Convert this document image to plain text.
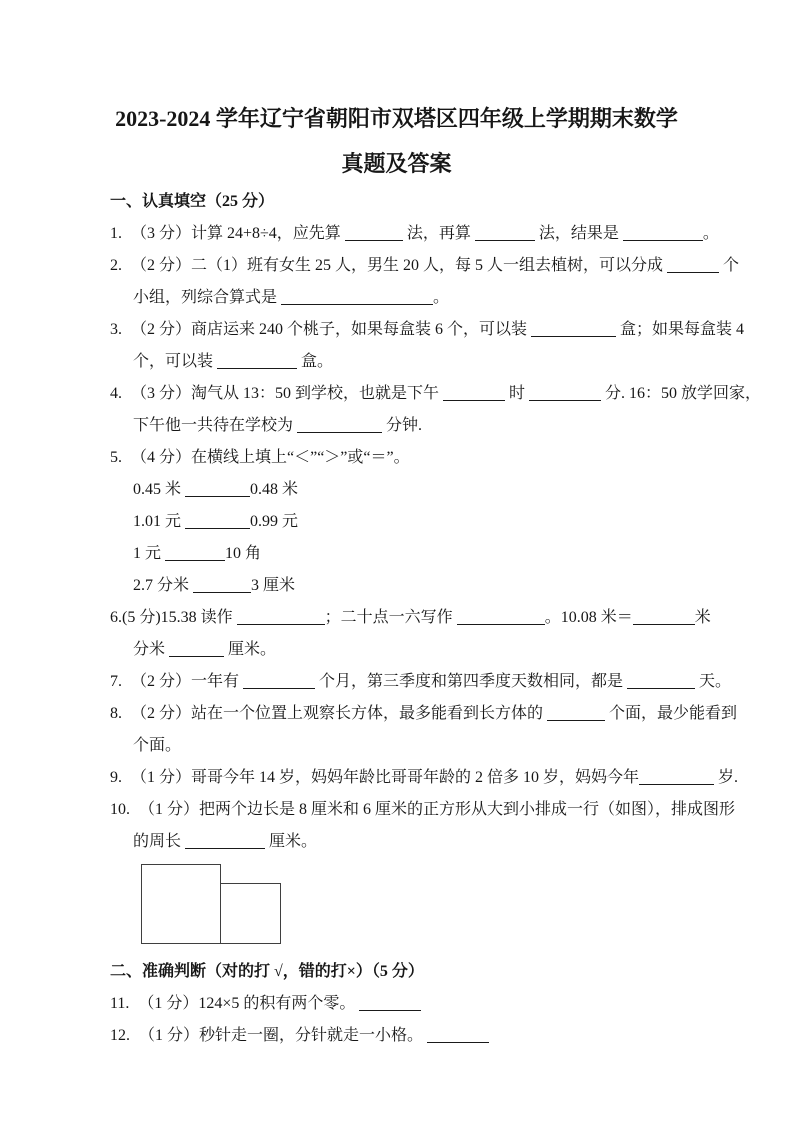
2023-2024 学年辽宁省朝阳市双塔区四年级上学期期末数学
真题及答案
一、认真填空（25 分）
1. （3 分）计算 24+8÷4，应先算	法，再算	法，结果是	。
2. （2 分）二（1）班有女生 25 人，男生 20 人，每 5 人一组去植树，可以分成	个
小组，列综合算式是	。
3. （2 分）商店运来 240 个桃子，如果每盒装 6 个，可以装	盒；如果每盒装 4
个，可以装	盒。
4. （3 分）淘气从 13：50 到学校，也就是下午	时	分. 16：50 放学回家，
下午他一共待在学校为	分钟.
5. （4 分）在横线上填上“＜”“＞”或“＝”。
0.45 米	0.48 米
1.01 元	0.99 元
1 元	10 角
2.7 分米	3 厘米
6.(5 分)15.38 读作	；二十点一六写作	。10.08 米＝	米
分米	厘米。
7. （2 分）一年有	个月，第三季度和第四季度天数相同，都是	天。
8. （2 分）站在一个位置上观察长方体，最多能看到长方体的	个面，最少能看到
个面。
9. （1 分）哥哥今年 14 岁，妈妈年龄比哥哥年龄的 2 倍多 10 岁，妈妈今年	岁.
10. （1 分）把两个边长是 8 厘米和 6 厘米的正方形从大到小排成一行（如图），排成图形
的周长	厘米。
二、准确判断（对的打 √，错的打×）（5 分）
11. （1 分）124×5 的积有两个零。
12. （1 分）秒针走一圈，分针就走一小格。
